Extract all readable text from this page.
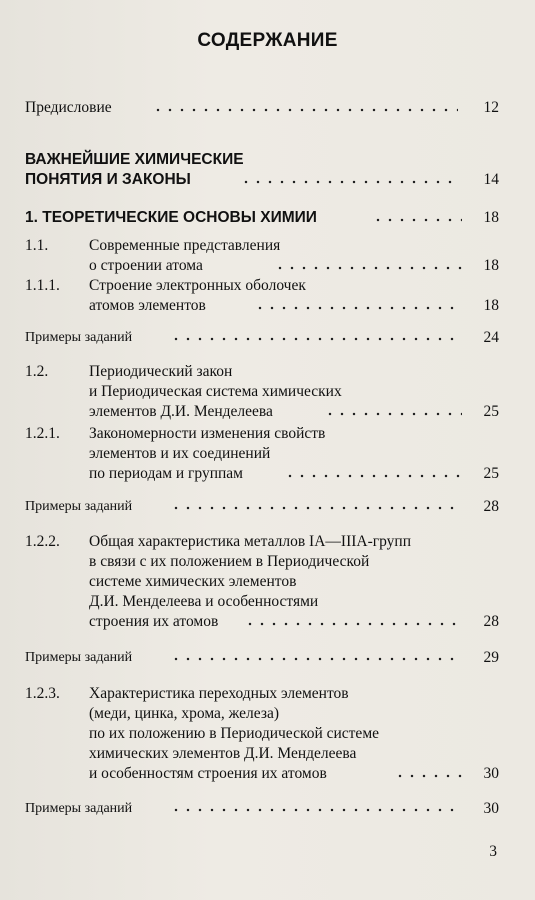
СОДЕРЖАНИЕ
Предисловие	12
ВАЖНЕЙШИЕ ХИМИЧЕСКИЕ
ПОНЯТИЯ И ЗАКОНЫ	14
1. ТЕОРЕТИЧЕСКИЕ ОСНОВЫ ХИМИИ	18
1.1.	Современные представления
о строении атома	18
1.1.1. Строение электронных оболочек
атомов элементов	18
Примеры заданий	24
1.2.	Периодический закон
и Периодическая система химических
элементов Д.И. Менделеева	25
1.2.1. Закономерности изменения свойств
элементов и их соединений
по периодам и группам	25
Примеры заданий	28
1.2.2. Общая характеристика металлов IA—IIIA-групп
в связи с их положением в Периодической
системе химических элементов
Д.И. Менделеева и особенностями
строения их атомов	28
Примеры заданий	29
1.2.3. Характеристика переходных элементов
(меди, цинка, хрома, железа)
по их положению в Периодической системе
химических элементов Д.И. Менделеева
и особенностям строения их атомов	30
Примеры заданий	30
3
